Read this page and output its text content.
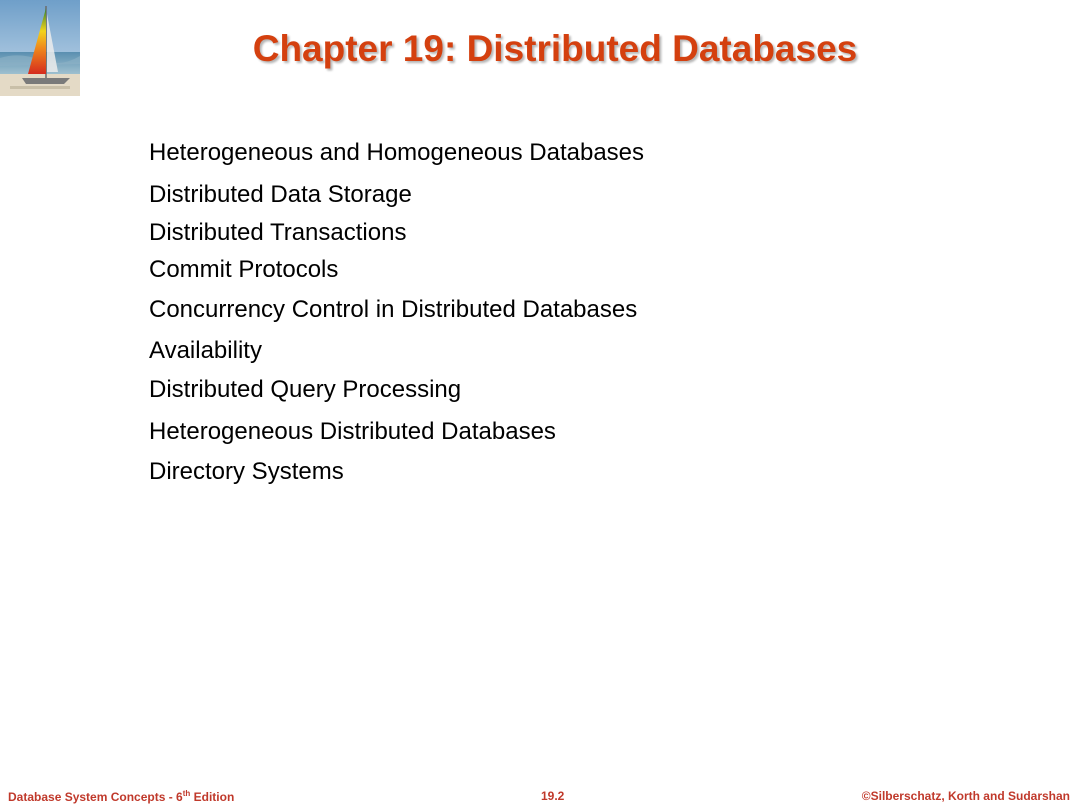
Chapter 19: Distributed Databases
Heterogeneous and Homogeneous Databases
Distributed Data Storage
Distributed Transactions
Commit Protocols
Concurrency Control in Distributed Databases
Availability
Distributed Query Processing
Heterogeneous Distributed Databases
Directory Systems
Database System Concepts - 6th Edition	19.2	©Silberschatz, Korth and Sudarshan
